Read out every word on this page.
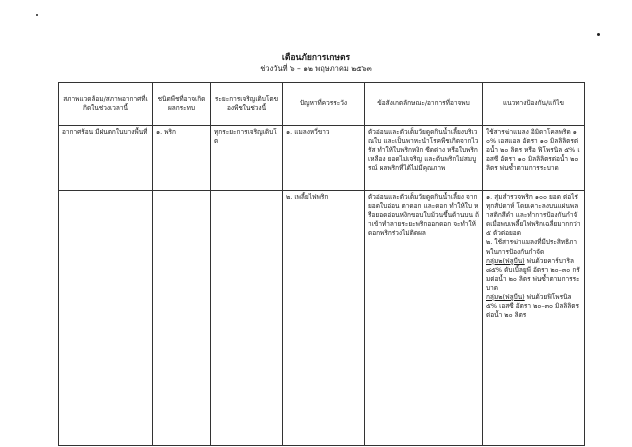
เตือนภัยการเกษตร
ช่วงวันที่ ๖ – ๑๒ พฤษภาคม ๒๕๖๓
สภาพแวดล้อม/สภาพอากาศที่เกิดในช่วงเวลานี้	ชนิดพืชที่อาจเกิดผลกระทบ	ระยะการเจริญเติบโตของพืชในช่วงนี้	ปัญหาที่ควรระวัง	ข้อสังเกตลักษณะ/อาการที่อาจพบ	แนวทางป้องกัน/แก้ไข
อากาศร้อน มีฝนตกในบางพื้นที่	๑. พริก	ทุกระยะการเจริญเติบโต	๑. แมลงหวี่ขาว	ตัวอ่อนและตัวเต็มวัยดูดกินน้ำเลี้ยงบริเวณใบ และเป็นพาหะนำโรคพืชเกิดจากไวรัส ทำให้ใบพริกหงิก ซีดด่าง หรือใบพริกเหลือง ยอดไม่เจริญ และต้นพริกไม่สมบูรณ์ ผลพริกที่ได้ไม่มีคุณภาพ	ใช้สารฆ่าแมลง อิมิดาโคลพริด ๑๐% เอสแอล อัตรา ๑๐ มิลลิลิตรต่อน้ำ ๒๐ ลิตร หรือ ฟิโพรนิล ๕% เอสซี อัตรา ๑๐ มิลลิลิตรต่อน้ำ ๒๐ ลิตร พ่นซ้ำตามการระบาด
			๒. เพลี้ยไฟพริก	ตัวอ่อนและตัวเต็มวัยดูดกินน้ำเลี้ยง จากยอดใบอ่อน ตาดอก และดอก ทำให้ใบ หรือยอดอ่อนหงิกขอบใบม้วนขึ้นด้านบน ถ้าเข้าทำลายระยะพริกออกดอก จะทำให้ดอกพริกร่วงไม่ติดผล	๑. สุ่มสำรวจพริก ๑๐๐ ยอด ต่อไร่ ทุกสัปดาห์ โดยเคาะลงบนแผ่นพลาสติกสีดำ และทำการป้องกันกำจัดเมื่อพบเพลี้ยไฟพริกเฉลี่ยมากกว่า ๕ ตัวต่อยอด
๒. ใช้สารฆ่าแมลงที่มีประสิทธิภาพในการป้องกันกำจัด
กลุ่ม๒(ฟลูบีน) พ่นด้วยคาร์บาริล ๘๕% ดับเบิ้ลยูพี อัตรา ๒๐–๓๐ กรัมต่อน้ำ ๒๐ ลิตร พ่นซ้ำตามการระบาด
กลุ่ม๒(ฟลูบีน) พ่นด้วยฟิโพรนิล ๕% เอสซี อัตรา ๒๐–๓๐ มิลลิลิตรต่อน้ำ ๒๐ ลิตร
